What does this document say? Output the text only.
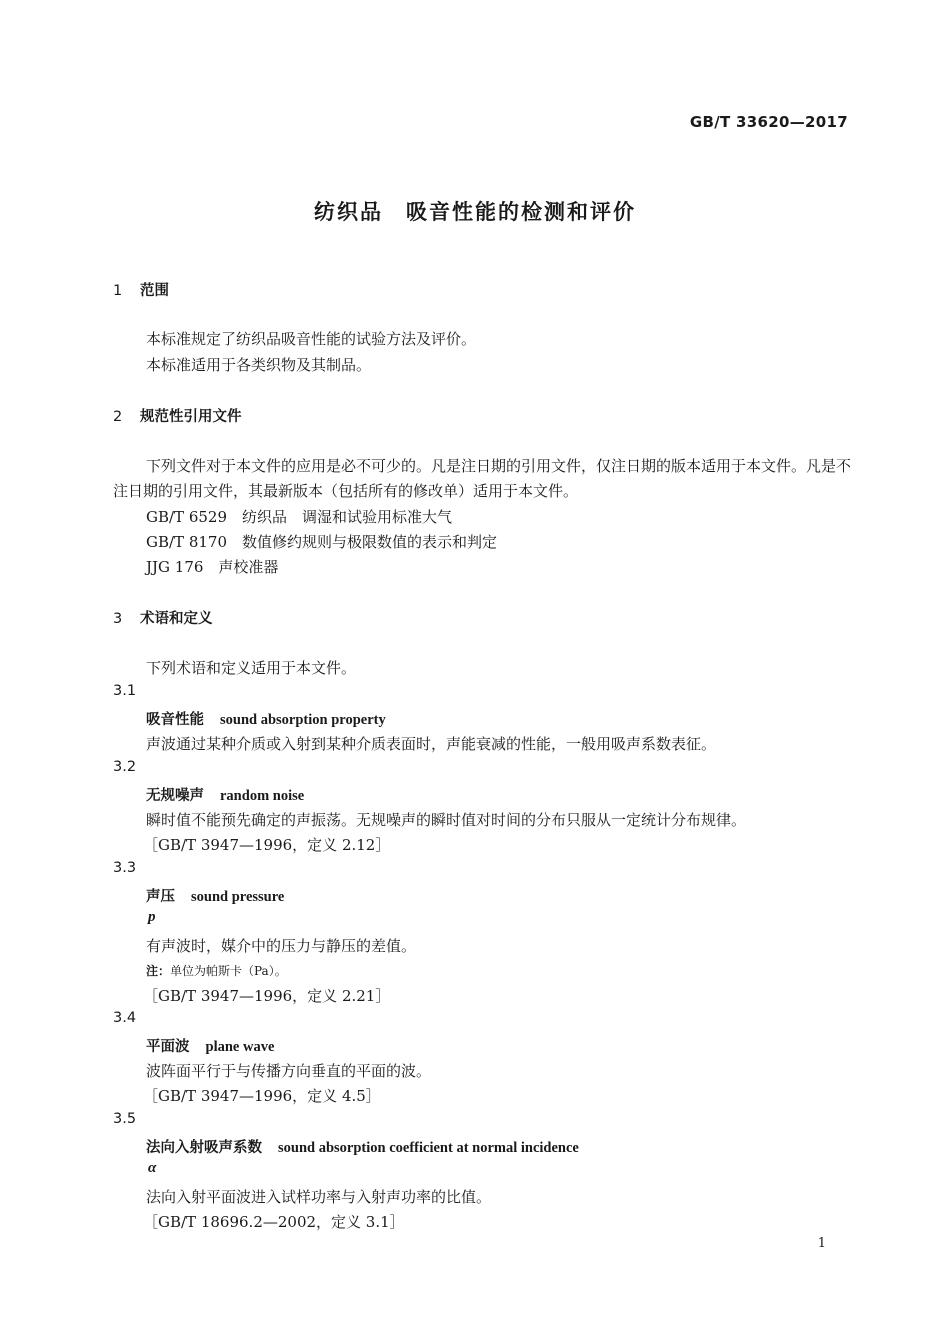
GB/T 33620—2017
纺织品　吸音性能的检测和评价
1 范围
本标准规定了纺织品吸音性能的试验方法及评价。
本标准适用于各类织物及其制品。
2 规范性引用文件
下列文件对于本文件的应用是必不可少的。凡是注日期的引用文件，仅注日期的版本适用于本文件。凡是不注日期的引用文件，其最新版本（包括所有的修改单）适用于本文件。
GB/T 6529　纺织品　调湿和试验用标准大气
GB/T 8170　数值修约规则与极限数值的表示和判定
JJG 176　声校准器
3 术语和定义
下列术语和定义适用于本文件。
3.1
吸音性能 sound absorption property
声波通过某种介质或入射到某种介质表面时，声能衰减的性能，一般用吸声系数表征。
3.2
无规噪声 random noise
瞬时值不能预先确定的声振荡。无规噪声的瞬时值对时间的分布只服从一定统计分布规律。
［GB/T 3947—1996，定义 2.12］
3.3
声压 sound pressure
p
有声波时，媒介中的压力与静压的差值。
注：单位为帕斯卡（Pa）。
［GB/T 3947—1996，定义 2.21］
3.4
平面波 plane wave
波阵面平行于与传播方向垂直的平面的波。
［GB/T 3947—1996，定义 4.5］
3.5
法向入射吸声系数 sound absorption coefficient at normal incidence
α
法向入射平面波进入试样功率与入射声功率的比值。
［GB/T 18696.2—2002，定义 3.1］
1
